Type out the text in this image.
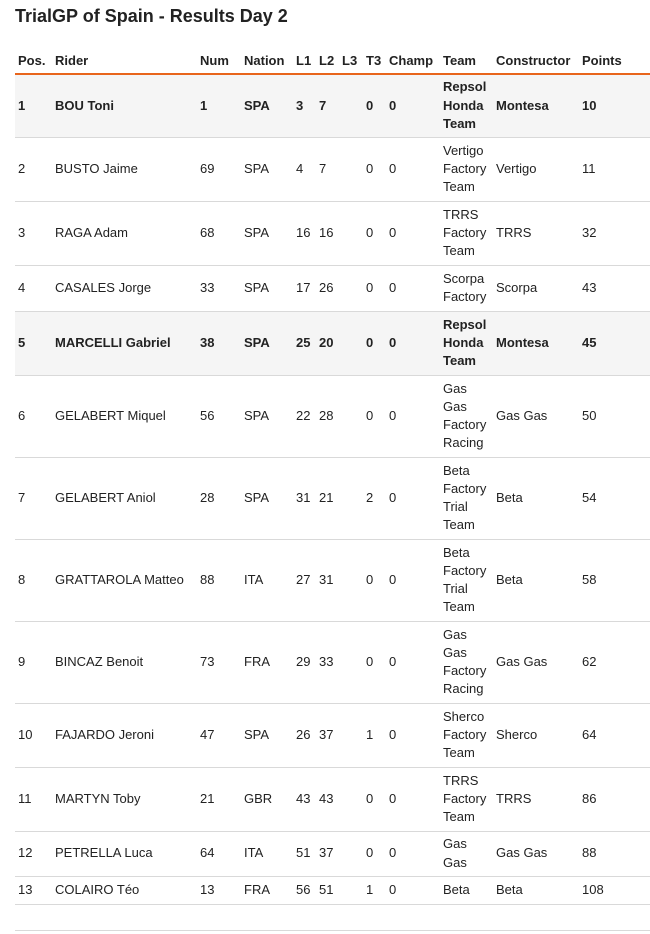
TrialGP of Spain - Results Day 2
Pos.	Rider	Num	Nation	L1	L2	L3	T3	Champ	Team	Constructor	Points
1	BOU Toni	1	SPA	3	7		0	0	Repsol Honda Team	Montesa	10
2	BUSTO Jaime	69	SPA	4	7		0	0	Vertigo Factory Team	Vertigo	11
3	RAGA Adam	68	SPA	16	16		0	0	TRRS Factory Team	TRRS	32
4	CASALES Jorge	33	SPA	17	26		0	0	Scorpa Factory	Scorpa	43
5	MARCELLI Gabriel	38	SPA	25	20		0	0	Repsol Honda Team	Montesa	45
6	GELABERT Miquel	56	SPA	22	28		0	0	Gas Gas Factory Racing	Gas Gas	50
7	GELABERT Aniol	28	SPA	31	21		2	0	Beta Factory Trial Team	Beta	54
8	GRATTAROLA Matteo	88	ITA	27	31		0	0	Beta Factory Trial Team	Beta	58
9	BINCAZ Benoit	73	FRA	29	33		0	0	Gas Gas Factory Racing	Gas Gas	62
10	FAJARDO Jeroni	47	SPA	26	37		1	0	Sherco Factory Team	Sherco	64
11	MARTYN Toby	21	GBR	43	43		0	0	TRRS Factory Team	TRRS	86
12	PETRELLA Luca	64	ITA	51	37		0	0	Gas Gas	Gas Gas	88
13	COLAIRO Téo	13	FRA	56	51		1	0	Beta	Beta	108
